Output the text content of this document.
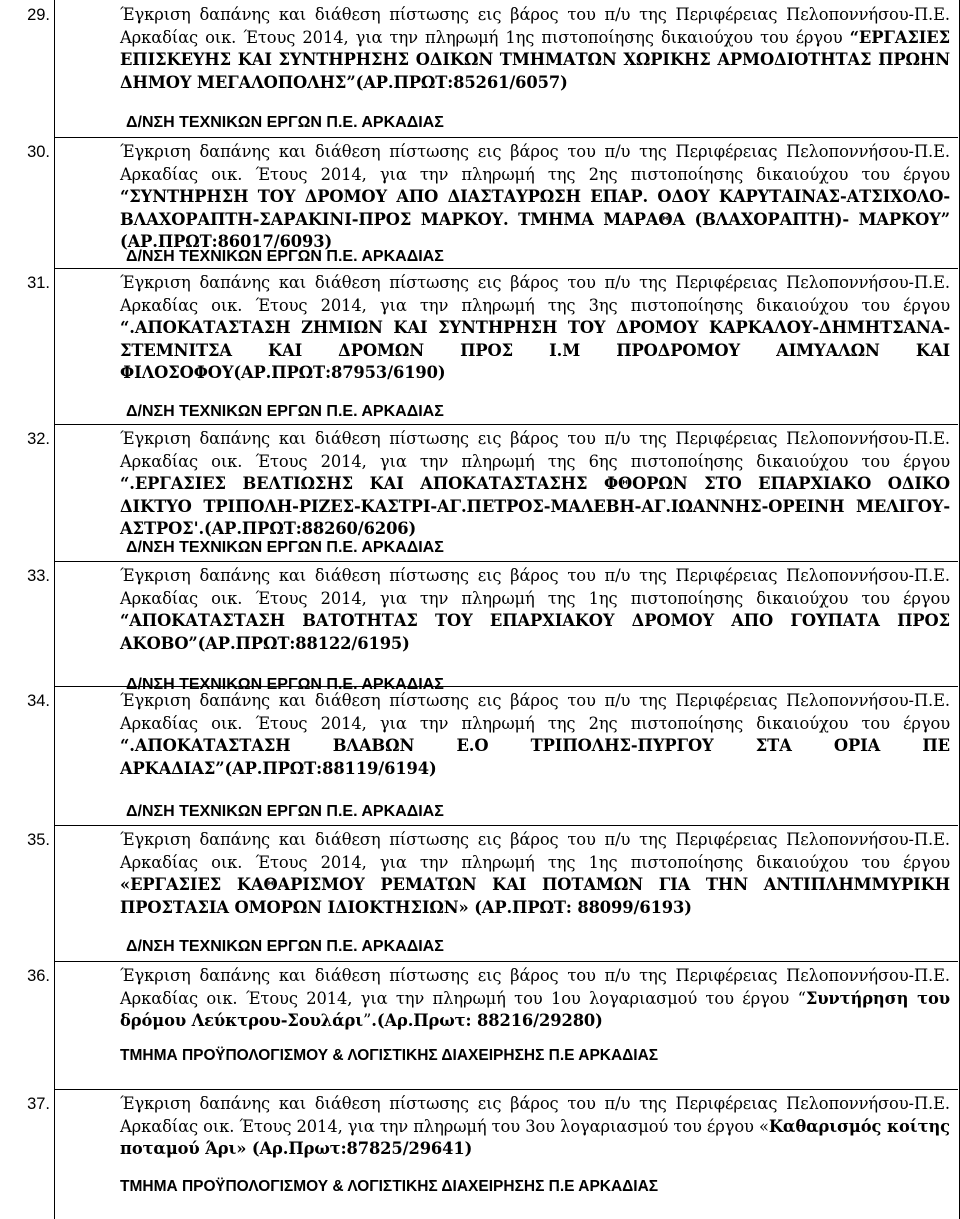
29.	Έγκριση δαπάνης και διάθεση πίστωσης εις βάρος του π/υ της Περιφέρειας Πελοποννήσου-Π.Ε. Αρκαδίας οικ. Έτους 2014, για την πληρωμή 1ης πιστοποίησης δικαιούχου του έργου “ΕΡΓΑΣΙΕΣ ΕΠΙΣΚΕΥΗΣ ΚΑΙ ΣΥΝΤΗΡΗΣΗΣ ΟΔΙΚΩΝ ΤΜΗΜΑΤΩΝ ΧΩΡΙΚΗΣ ΑΡΜΟΔΙΟΤΗΤΑΣ ΠΡΩΗΝ ΔΗΜΟΥ ΜΕΓΑΛΟΠΟΛΗΣ”(ΑΡ.ΠΡΩΤ:85261/6057)
Δ/ΝΣΗ ΤΕΧΝΙΚΩΝ ΕΡΓΩΝ Π.Ε. ΑΡΚΑΔΙΑΣ
30.	Έγκριση δαπάνης και διάθεση πίστωσης εις βάρος του π/υ της Περιφέρειας Πελοποννήσου-Π.Ε. Αρκαδίας οικ. Έτους 2014, για την πληρωμή της 2ης πιστοποίησης δικαιούχου του έργου “ΣΥΝΤΗΡΗΣΗ ΤΟΥ ΔΡΟΜΟΥ ΑΠΟ ΔΙΑΣΤΑΥΡΩΣΗ ΕΠΑΡ. ΟΔΟΥ ΚΑΡΥΤΑΙΝΑΣ-ΑΤΣΙΧΟΛΟ-ΒΛΑΧΟΡΑΠΤΗ-ΣΑΡΑΚΙΝΙ-ΠΡΟΣ ΜΑΡΚΟΥ. ΤΜΗΜΑ ΜΑΡΑΘΑ (ΒΛΑΧΟΡΑΠΤΗ)- ΜΑΡΚΟΥ” (ΑΡ.ΠΡΩΤ:86017/6093)
Δ/ΝΣΗ ΤΕΧΝΙΚΩΝ ΕΡΓΩΝ Π.Ε. ΑΡΚΑΔΙΑΣ
31.	Έγκριση δαπάνης και διάθεση πίστωσης εις βάρος του π/υ της Περιφέρειας Πελοποννήσου-Π.Ε. Αρκαδίας οικ. Έτους 2014, για την πληρωμή της 3ης πιστοποίησης δικαιούχου του έργου “.ΑΠΟΚΑΤΑΣΤΑΣΗ ΖΗΜΙΩΝ ΚΑΙ ΣΥΝΤΗΡΗΣΗ ΤΟΥ ΔΡΟΜΟΥ ΚΑΡΚΑΛΟΥ-ΔΗΜΗΤΣΑΝΑ-ΣΤΕΜΝΙΤΣΑ ΚΑΙ ΔΡΟΜΩΝ ΠΡΟΣ Ι.Μ ΠΡΟΔΡΟΜΟΥ ΑΙΜΥΑΛΩΝ ΚΑΙ ΦΙΛΟΣΟΦΟΥ(ΑΡ.ΠΡΩΤ:87953/6190)
Δ/ΝΣΗ ΤΕΧΝΙΚΩΝ ΕΡΓΩΝ Π.Ε. ΑΡΚΑΔΙΑΣ
32.	Έγκριση δαπάνης και διάθεση πίστωσης εις βάρος του π/υ της Περιφέρειας Πελοποννήσου-Π.Ε. Αρκαδίας οικ. Έτους 2014, για την πληρωμή της 6ης πιστοποίησης δικαιούχου του έργου “.ΕΡΓΑΣΙΕΣ ΒΕΛΤΙΩΣΗΣ ΚΑΙ ΑΠΟΚΑΤΑΣΤΑΣΗΣ ΦΘΟΡΩΝ ΣΤΟ ΕΠΑΡΧΙΑΚΟ ΟΔΙΚΟ ΔΙΚΤΥΟ ΤΡΙΠΟΛΗ-ΡΙΖΕΣ-ΚΑΣΤΡΙ-ΑΓ.ΠΕΤΡΟΣ-ΜΑΛΕΒΗ-ΑΓ.ΙΩΑΝΝΗΣ-ΟΡΕΙΝΗ ΜΕΛΙΓΟΥ-ΑΣΤΡΟΣ'.(ΑΡ.ΠΡΩΤ:88260/6206)
Δ/ΝΣΗ ΤΕΧΝΙΚΩΝ ΕΡΓΩΝ Π.Ε. ΑΡΚΑΔΙΑΣ
33.	Έγκριση δαπάνης και διάθεση πίστωσης εις βάρος του π/υ της Περιφέρειας Πελοποννήσου-Π.Ε. Αρκαδίας οικ. Έτους 2014, για την πληρωμή της 1ης πιστοποίησης δικαιούχου του έργου “ΑΠΟΚΑΤΑΣΤΑΣΗ ΒΑΤΟΤΗΤΑΣ ΤΟΥ ΕΠΑΡΧΙΑΚΟΥ ΔΡΟΜΟΥ ΑΠΟ ΓΟΥΠΑΤΑ ΠΡΟΣ ΑΚΟΒΟ”(ΑΡ.ΠΡΩΤ:88122/6195)
Δ/ΝΣΗ ΤΕΧΝΙΚΩΝ ΕΡΓΩΝ Π.Ε. ΑΡΚΑΔΙΑΣ
34.	Έγκριση δαπάνης και διάθεση πίστωσης εις βάρος του π/υ της Περιφέρειας Πελοποννήσου-Π.Ε. Αρκαδίας οικ. Έτους 2014, για την πληρωμή της 2ης πιστοποίησης δικαιούχου του έργου “.ΑΠΟΚΑΤΑΣΤΑΣΗ ΒΛΑΒΩΝ Ε.Ο ΤΡΙΠΟΛΗΣ-ΠΥΡΓΟΥ ΣΤΑ ΟΡΙΑ ΠΕ ΑΡΚΑΔΙΑΣ”(ΑΡ.ΠΡΩΤ:88119/6194)
Δ/ΝΣΗ ΤΕΧΝΙΚΩΝ ΕΡΓΩΝ Π.Ε. ΑΡΚΑΔΙΑΣ
35.	Έγκριση δαπάνης και διάθεση πίστωσης εις βάρος του π/υ της Περιφέρειας Πελοποννήσου-Π.Ε. Αρκαδίας οικ. Έτους 2014, για την πληρωμή της 1ης πιστοποίησης δικαιούχου του έργου «ΕΡΓΑΣΙΕΣ ΚΑΘΑΡΙΣΜΟΥ ΡΕΜΑΤΩΝ ΚΑΙ ΠΟΤΑΜΩΝ ΓΙΑ ΤΗΝ ΑΝΤΙΠΛΗΜΜΥΡΙΚΗ ΠΡΟΣΤΑΣΙΑ ΟΜΟΡΩΝ ΙΔΙΟΚΤΗΣΙΩΝ» (ΑΡ.ΠΡΩΤ: 88099/6193)
Δ/ΝΣΗ ΤΕΧΝΙΚΩΝ ΕΡΓΩΝ Π.Ε. ΑΡΚΑΔΙΑΣ
36.	Έγκριση δαπάνης και διάθεση πίστωσης εις βάρος του π/υ της Περιφέρειας Πελοποννήσου-Π.Ε. Αρκαδίας οικ. Έτους 2014, για την πληρωμή του 1ου λογαριασμού του έργου “Συντήρηση του δρόμου Λεύκτρου-Σουλάρι”.(Αρ.Πρωτ: 88216/29280)
ΤΜΗΜΑ ΠΡΟΫΠΟΛΟΓΙΣΜΟΥ & ΛΟΓΙΣΤΙΚΗΣ ΔΙΑΧΕΙΡΗΣΗΣ Π.Ε ΑΡΚΑΔΙΑΣ
37.	Έγκριση δαπάνης και διάθεση πίστωσης εις βάρος του π/υ της Περιφέρειας Πελοποννήσου-Π.Ε. Αρκαδίας οικ. Έτους 2014, για την πληρωμή του 3ου λογαριασμού του έργου «Καθαρισμός κοίτης ποταμού Άρι» (Αρ.Πρωτ:87825/29641)
ΤΜΗΜΑ ΠΡΟΫΠΟΛΟΓΙΣΜΟΥ & ΛΟΓΙΣΤΙΚΗΣ ΔΙΑΧΕΙΡΗΣΗΣ Π.Ε ΑΡΚΑΔΙΑΣ
